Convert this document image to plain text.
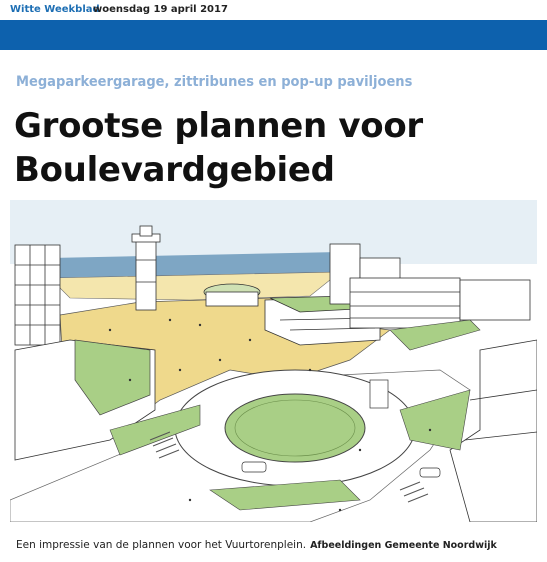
Witte Weekblad
woensdag 19 april 2017
Megaparkeergarage, zittribunes en pop-up paviljoens
Grootse plannen voor Boulevardgebied
Een impressie van de plannen voor het Vuurtorenplein. Afbeeldingen Gemeente Noordwijk
